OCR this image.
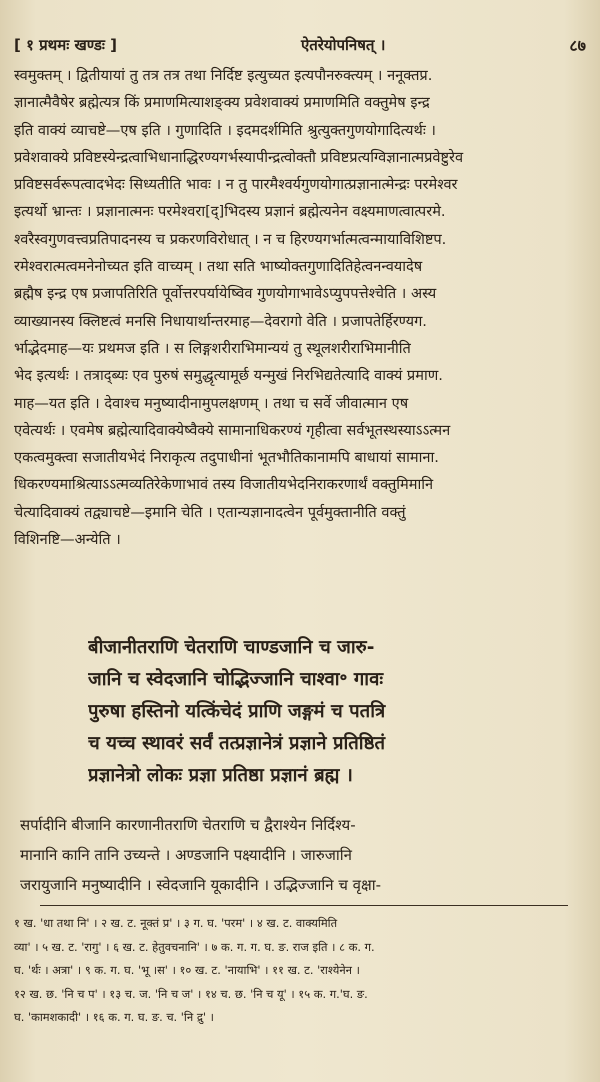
[ १ प्रथमः खण्डः ]	ऐतरेयोपनिषत् ।	८७
स्वमुक्तम् । द्वितीयायां तु तत्र तत्र तथा निर्दिष्ट इत्युच्यत इत्यपौनरुक्त्यम् । ननूक्तप्र.
ज्ञानात्मैवैषेर ब्रह्मेत्यत्र किं प्रमाणमित्याशङ्क्य प्रवेशवाक्यं प्रमाणमिति वक्तुमेष इन्द्र
इति वाक्यं व्याचष्टे—एष इति । गुणादिति । इदमदर्शमिति श्रुत्युक्तगुणयोगादित्यर्थः ।
प्रवेशवाक्ये प्रविष्टस्येन्द्रत्वाभिधानाद्धिरण्यगर्भस्यापीन्द्रत्वोक्तौ प्रविष्टप्रत्यग्विज्ञानात्मप्रवेष्टुरेव
प्रविष्टसर्वरूपत्वादभेदः सिध्यतीति भावः । न तु पारमैश्वर्यगुणयोगात्प्रज्ञानात्मेन्द्रः परमेश्वर
इत्यर्थो भ्रान्तः । प्रज्ञानात्मनः परमेश्वरा[द्]भिदस्य प्रज्ञानं ब्रह्मेत्यनेन वक्ष्यमाणत्वात्परमे.
श्वरैस्वगुणवत्त्वप्रतिपादनस्य च प्रकरणविरोधात् । न च हिरण्यगर्भात्मत्वन्मायाविशिष्टप.
रमेश्वरात्मत्वमनेनोच्यत इति वाच्यम् । तथा सति भाष्योक्तगुणादितिहेत्वनन्वयादेष
ब्रह्मैष इन्द्र एष प्रजापतिरिति पूर्वोत्तरपर्यायेष्विव गुणयोगाभावेऽप्युपपत्तेश्चेति । अस्य
व्याख्यानस्य क्लिष्टत्वं मनसि निधायार्थान्तरमाह—देवरागो वेति । प्रजापतेर्हिरण्यग.
र्भाद्भेदमाह—यः प्रथमज इति । स लिङ्गशरीराभिमान्ययं तु स्थूलशरीराभिमानीति
भेद इत्यर्थः । तत्राद्ब्यः एव पुरुषं समुद्धृत्यामूर्छ यन्मुखं निरभिद्यतेत्यादि वाक्यं प्रमाण.
माह—यत इति । देवाश्च मनुष्यादीनामुपलक्षणम् । तथा च सर्वे जीवात्मान एष
एवेत्यर्थः । एवमेष ब्रह्मेत्यादिवाक्येष्वैक्ये सामानाधिकरण्यं गृहीत्वा सर्वभूतस्थस्याऽऽत्मन
एकत्वमुक्त्वा सजातीयभेदं निराकृत्य तदुपाधीनां भूतभौतिकानामपि बाधायां सामाना.
धिकरण्यमाश्रित्याऽऽत्मव्यतिरेकेणाभावं तस्य विजातीयभेदनिराकरणार्थं वक्तुमिमानि
चेत्यादिवाक्यं तद्व्याचष्टे—इमानि चेति । एतान्यज्ञानादत्वेन पूर्वमुक्तानीति वक्तुं
विशिनष्टि—अन्येति ।
बीजानीतराणि चेतराणि चाण्डजानि च जारु-
जानि च स्वेदजानि चोद्भिज्जानि चाश्वा॰ गावः
पुरुषा हस्तिनो यत्किंचेदं प्राणि जङ्गमं च पतत्रि
च यच्च स्थावरं सर्वं तत्प्रज्ञानेत्रं प्रज्ञाने प्रतिष्ठितं
प्रज्ञानेत्रो लोकः प्रज्ञा प्रतिष्ठा प्रज्ञानं ब्रह्म ।
सर्पादीनि बीजानि कारणानीतराणि चेतराणि च द्वैराश्येन निर्दिश्य-
मानानि कानि तानि उच्यन्ते । अण्डजानि पक्ष्यादीनि । जारुजानि
जरायुजानि मनुष्यादीनि । स्वेदजानि यूकादीनि । उद्भिज्जानि च वृक्षा-
१ ख. 'धा तथा नि' । २ ख. ट. नूक्तं प्र' । ३ ग. घ. 'परम' । ४ ख. ट. वाक्यमिति
व्या' । ५ ख. ट. 'रागु' । ६ ख. ट. हेतुवचनानि' । ७ क. ग. ग. घ. ङ. राज इति । ८ क. ग.
घ. 'र्थः । अत्रा' । ९ क. ग. घ. 'भू ।स' । १० ख. ट. 'नायाभि' । ११ ख. ट. 'राश्येनेन ।
१२ ख. छ. 'नि च प' । १३ च. ज. 'नि च ज' । १४ च. छ. 'नि च यू' । १५ क. ग.'घ. ङ.
घ. 'कामशकादी' । १६ क. ग. घ. ङ. च. 'नि द्रु' ।
